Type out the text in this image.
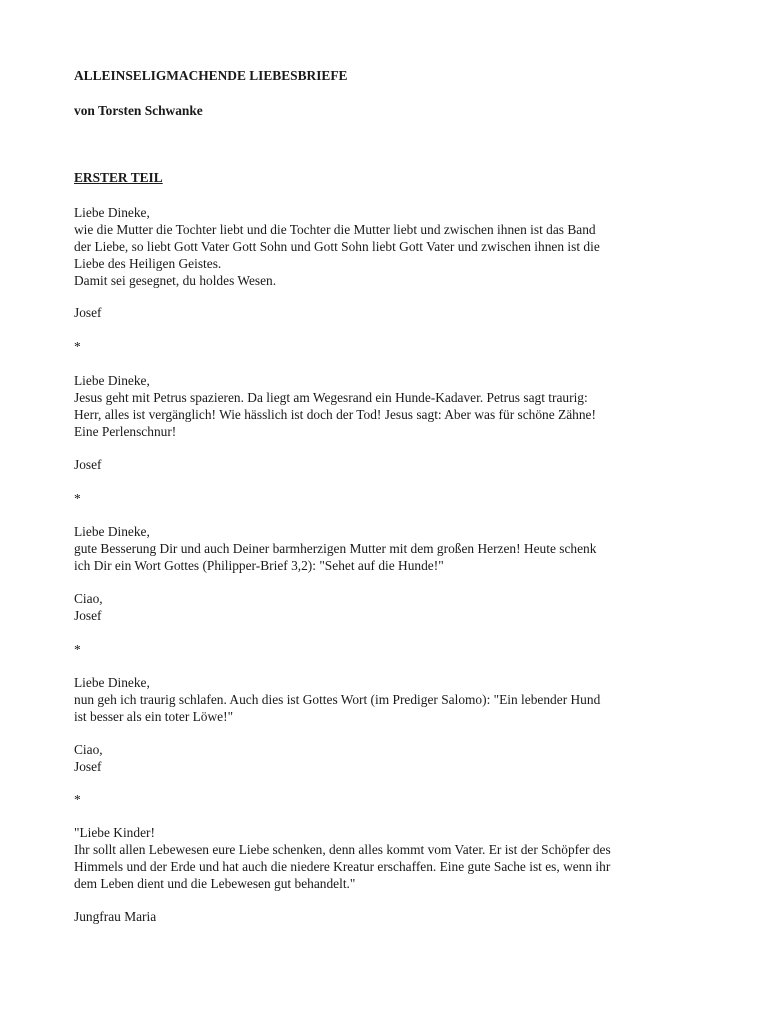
ALLEINSELIGMACHENDE LIEBESBRIEFE

von Torsten Schwanke

ERSTER TEIL

Liebe Dineke,
wie die Mutter die Tochter liebt und die Tochter die Mutter liebt und zwischen ihnen ist das Band
der Liebe, so liebt Gott Vater Gott Sohn und Gott Sohn liebt Gott Vater und zwischen ihnen ist die
Liebe des Heiligen Geistes.
Damit sei gesegnet, du holdes Wesen.
Josef
*
Liebe Dineke,
Jesus geht mit Petrus spazieren. Da liegt am Wegesrand ein Hunde-Kadaver. Petrus sagt traurig:
Herr, alles ist vergänglich! Wie hässlich ist doch der Tod! Jesus sagt: Aber was für schöne Zähne!
Eine Perlenschnur!
Josef
*
Liebe Dineke,
gute Besserung Dir und auch Deiner barmherzigen Mutter mit dem großen Herzen! Heute schenk
ich Dir ein Wort Gottes (Philipper-Brief 3,2): "Sehet auf die Hunde!"
Ciao,
Josef
*
Liebe Dineke,
nun geh ich traurig schlafen. Auch dies ist Gottes Wort (im Prediger Salomo): "Ein lebender Hund
ist besser als ein toter Löwe!"
Ciao,
Josef
*
"Liebe Kinder!
Ihr sollt allen Lebewesen eure Liebe schenken, denn alles kommt vom Vater. Er ist der Schöpfer des
Himmels und der Erde und hat auch die niedere Kreatur erschaffen. Eine gute Sache ist es, wenn ihr
dem Leben dient und die Lebewesen gut behandelt."
Jungfrau Maria
